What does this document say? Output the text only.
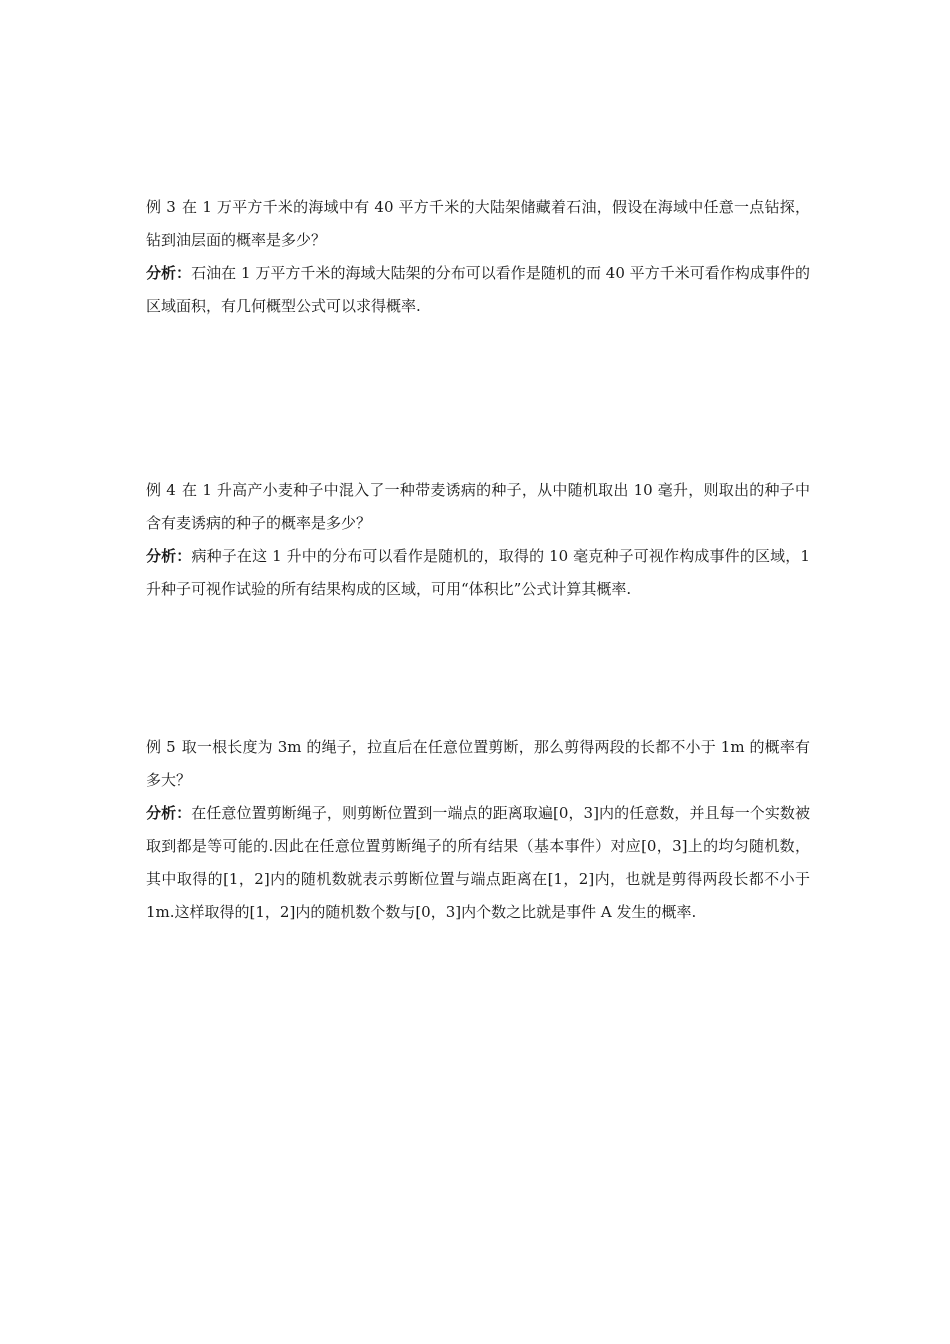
例 3 在 1 万平方千米的海域中有 40 平方千米的大陆架储藏着石油，假设在海域中任意一点钻探，钻到油层面的概率是多少？

分析：石油在 1 万平方千米的海域大陆架的分布可以看作是随机的而 40 平方千米可看作构成事件的区域面积，有几何概型公式可以求得概率.

例 4 在 1 升高产小麦种子中混入了一种带麦诱病的种子，从中随机取出 10 毫升，则取出的种子中含有麦诱病的种子的概率是多少？

分析：病种子在这 1 升中的分布可以看作是随机的，取得的 10 毫克种子可视作构成事件的区域，1 升种子可视作试验的所有结果构成的区域，可用“体积比”公式计算其概率.

例 5 取一根长度为 3m 的绳子，拉直后在任意位置剪断，那么剪得两段的长都不小于 1m 的概率有多大？

分析：在任意位置剪断绳子，则剪断位置到一端点的距离取遍[0，3]内的任意数，并且每一个实数被取到都是等可能的.因此在任意位置剪断绳子的所有结果（基本事件）对应[0，3]上的均匀随机数，其中取得的[1，2]内的随机数就表示剪断位置与端点距离在[1，2]内，也就是剪得两段长都不小于 1m.这样取得的[1，2]内的随机数个数与[0，3]内个数之比就是事件 A 发生的概率.
